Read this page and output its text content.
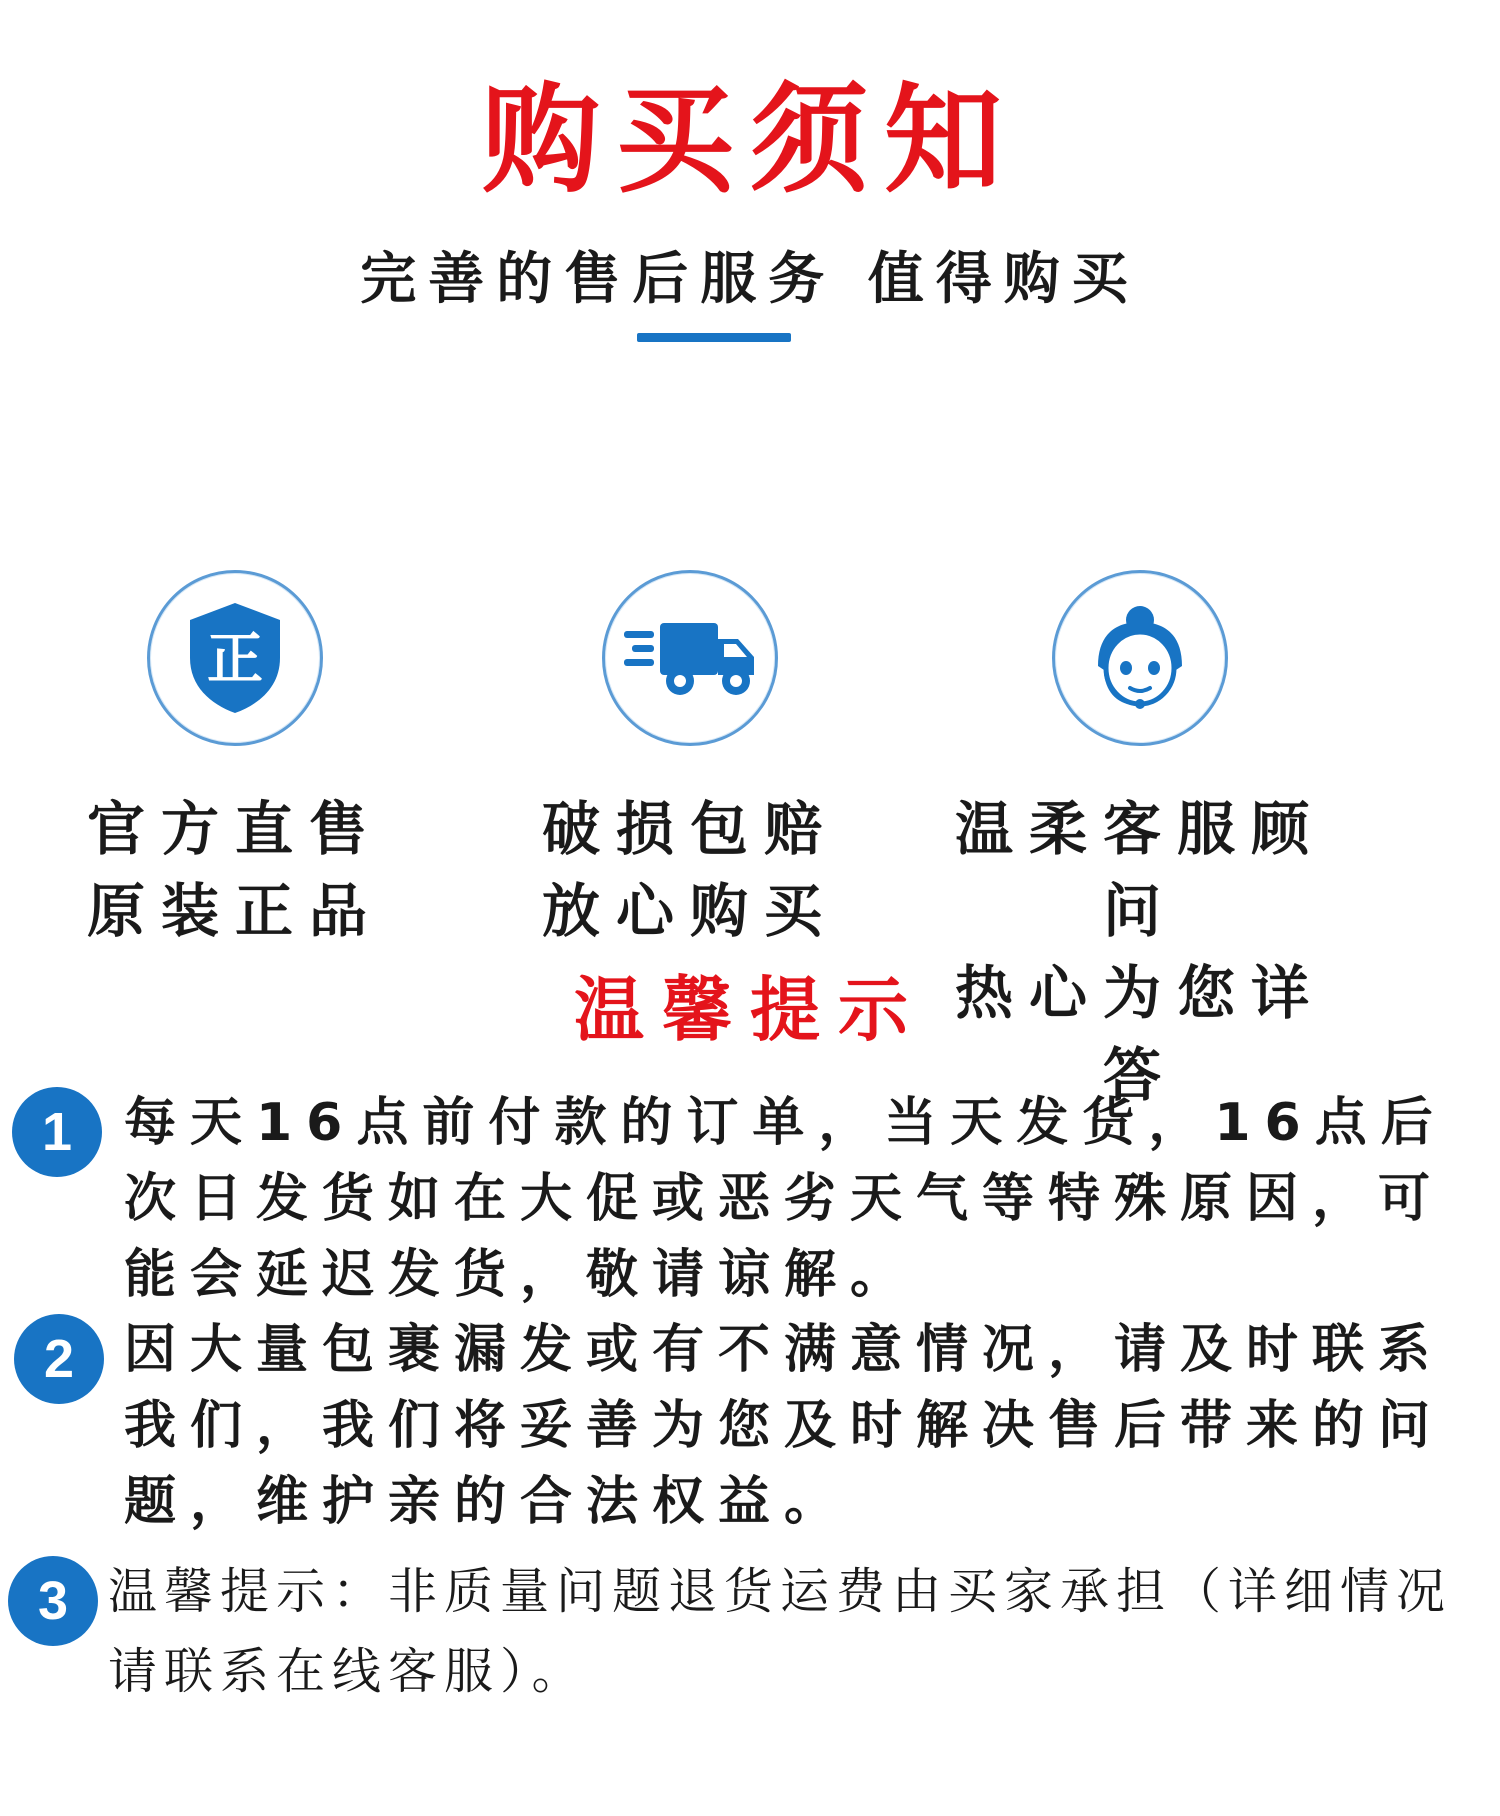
购买须知
完善的售后服务 值得购买
正
官方直售
原装正品
破损包赔
放心购买
温柔客服顾问
热心为您详答
温馨提示
1 每天16点前付款的订单，当天发货，16点后次日发货如在大促或恶劣天气等特殊原因，可能会延迟发货，敬请谅解。
2 因大量包裹漏发或有不满意情况，请及时联系我们，我们将妥善为您及时解决售后带来的问题，维护亲的合法权益。
3 温馨提示：非质量问题退货运费由买家承担（详细情况请联系在线客服）。
